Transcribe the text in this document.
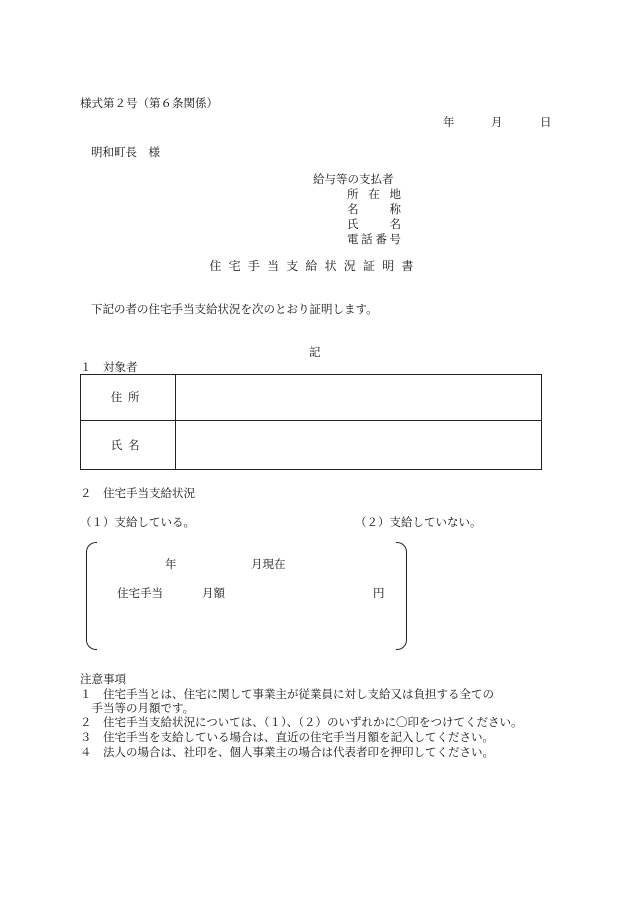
様式第２号（第６条関係）
年	月	日
明和町長　様
給与等の支払者
所在地
名称
氏名
電話番号
住宅手当支給状況証明書
下記の者の住宅手当支給状況を次のとおり証明します。
記
１　対象者
住所	
氏名	
２　住宅手当支給状況
（１）支給している。	（２）支給していない。
年	月現在
住宅手当	月額	円
注意事項
１　住宅手当とは、住宅に関して事業主が従業員に対し支給又は負担する全ての
　手当等の月額です。
２　住宅手当支給状況については、（１）、（２）のいずれかに〇印をつけてください。
３　住宅手当を支給している場合は、直近の住宅手当月額を記入してください。
４　法人の場合は、社印を、個人事業主の場合は代表者印を押印してください。
